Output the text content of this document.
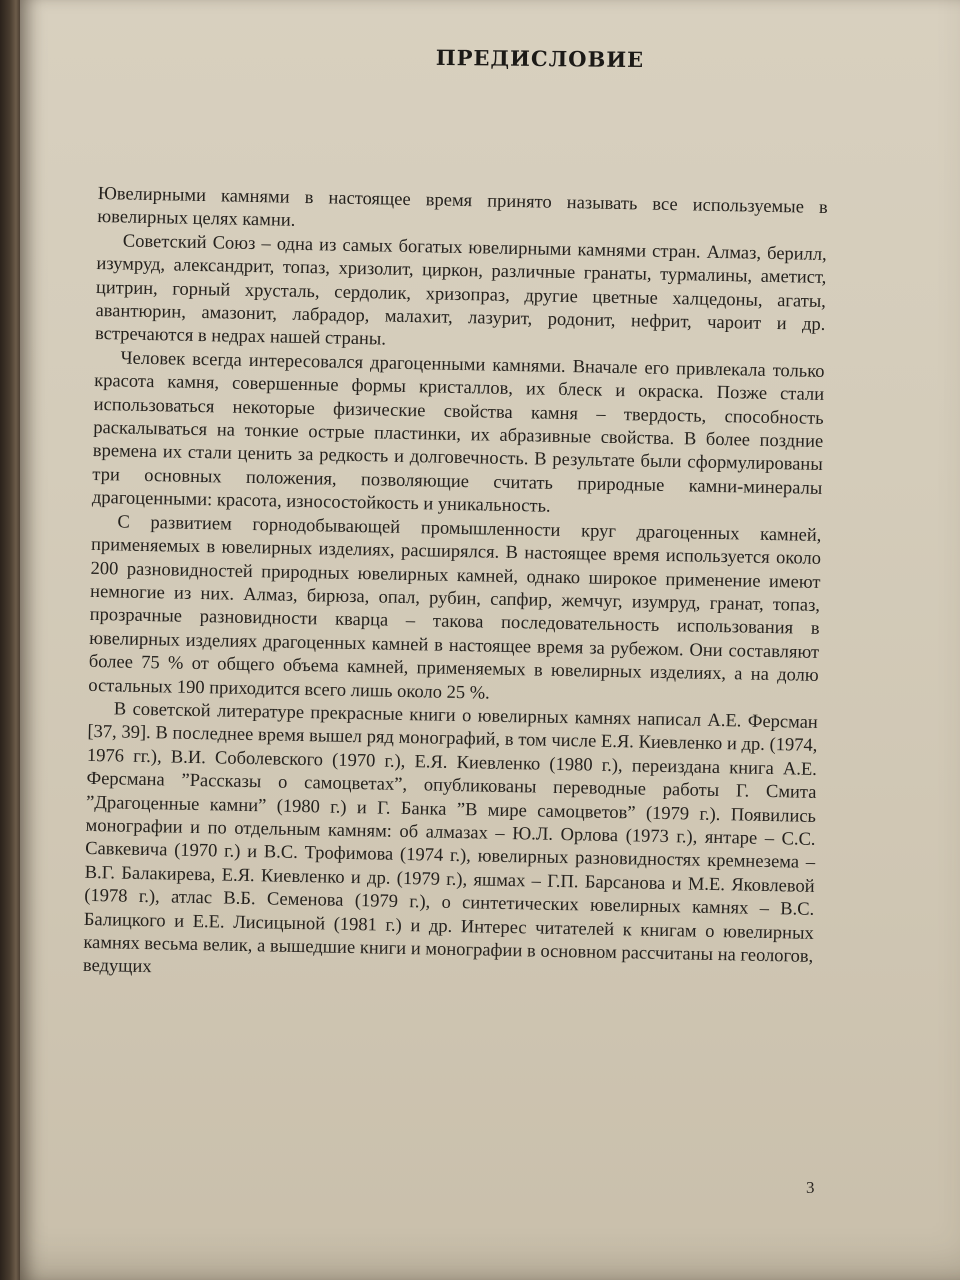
ПРЕДИСЛОВИЕ

Ювелирными камнями в настоящее время принято называть все используемые в ювелирных целях камни.

Советский Союз – одна из самых богатых ювелирными камнями стран. Алмаз, берилл, изумруд, александрит, топаз, хризолит, циркон, различные гранаты, турмалины, аметист, цитрин, горный хрусталь, сердолик, хризопраз, другие цветные халцедоны, агаты, авантюрин, амазонит, лабрадор, малахит, лазурит, родонит, нефрит, чароит и др. встречаются в недрах нашей страны.

Человек всегда интересовался драгоценными камнями. Вначале его привлекала только красота камня, совершенные формы кристаллов, их блеск и окраска. Позже стали использоваться некоторые физические свойства камня – твердость, способность раскалываться на тонкие острые пластинки, их абразивные свойства. В более поздние времена их стали ценить за редкость и долговечность. В результате были сформулированы три основных положения, позволяющие считать природные камни-минералы драгоценными: красота, износостойкость и уникальность.

С развитием горнодобывающей промышленности круг драгоценных камней, применяемых в ювелирных изделиях, расширялся. В настоящее время используется около 200 разновидностей природных ювелирных камней, однако широкое применение имеют немногие из них. Алмаз, бирюза, опал, рубин, сапфир, жемчуг, изумруд, гранат, топаз, прозрачные разновидности кварца – такова последовательность использования в ювелирных изделиях драгоценных камней в настоящее время за рубежом. Они составляют более 75 % от общего объема камней, применяемых в ювелирных изделиях, а на долю остальных 190 приходится всего лишь около 25 %.

В советской литературе прекрасные книги о ювелирных камнях написал А.Е. Ферсман [37, 39]. В последнее время вышел ряд монографий, в том числе Е.Я. Киевленко и др. (1974, 1976 гг.), В.И. Соболевского (1970 г.), Е.Я. Киевленко (1980 г.), переиздана книга А.Е. Ферсмана ”Рассказы о самоцветах”, опубликованы переводные работы Г. Смита ”Драгоценные камни” (1980 г.) и Г. Банка ”В мире самоцветов” (1979 г.). Появились монографии и по отдельным камням: об алмазах – Ю.Л. Орлова (1973 г.), янтаре – С.С. Савкевича (1970 г.) и В.С. Трофимова (1974 г.), ювелирных разновидностях кремнезема – В.Г. Балакирева, Е.Я. Киевленко и др. (1979 г.), яшмах – Г.П. Барсанова и М.Е. Яковлевой (1978 г.), атлас В.Б. Семенова (1979 г.), о синтетических ювелирных камнях – В.С. Балицкого и Е.Е. Лисицыной (1981 г.) и др. Интерес читателей к книгам о ювелирных камнях весьма велик, а вышедшие книги и монографии в основном рассчитаны на геологов, ведущих

3
